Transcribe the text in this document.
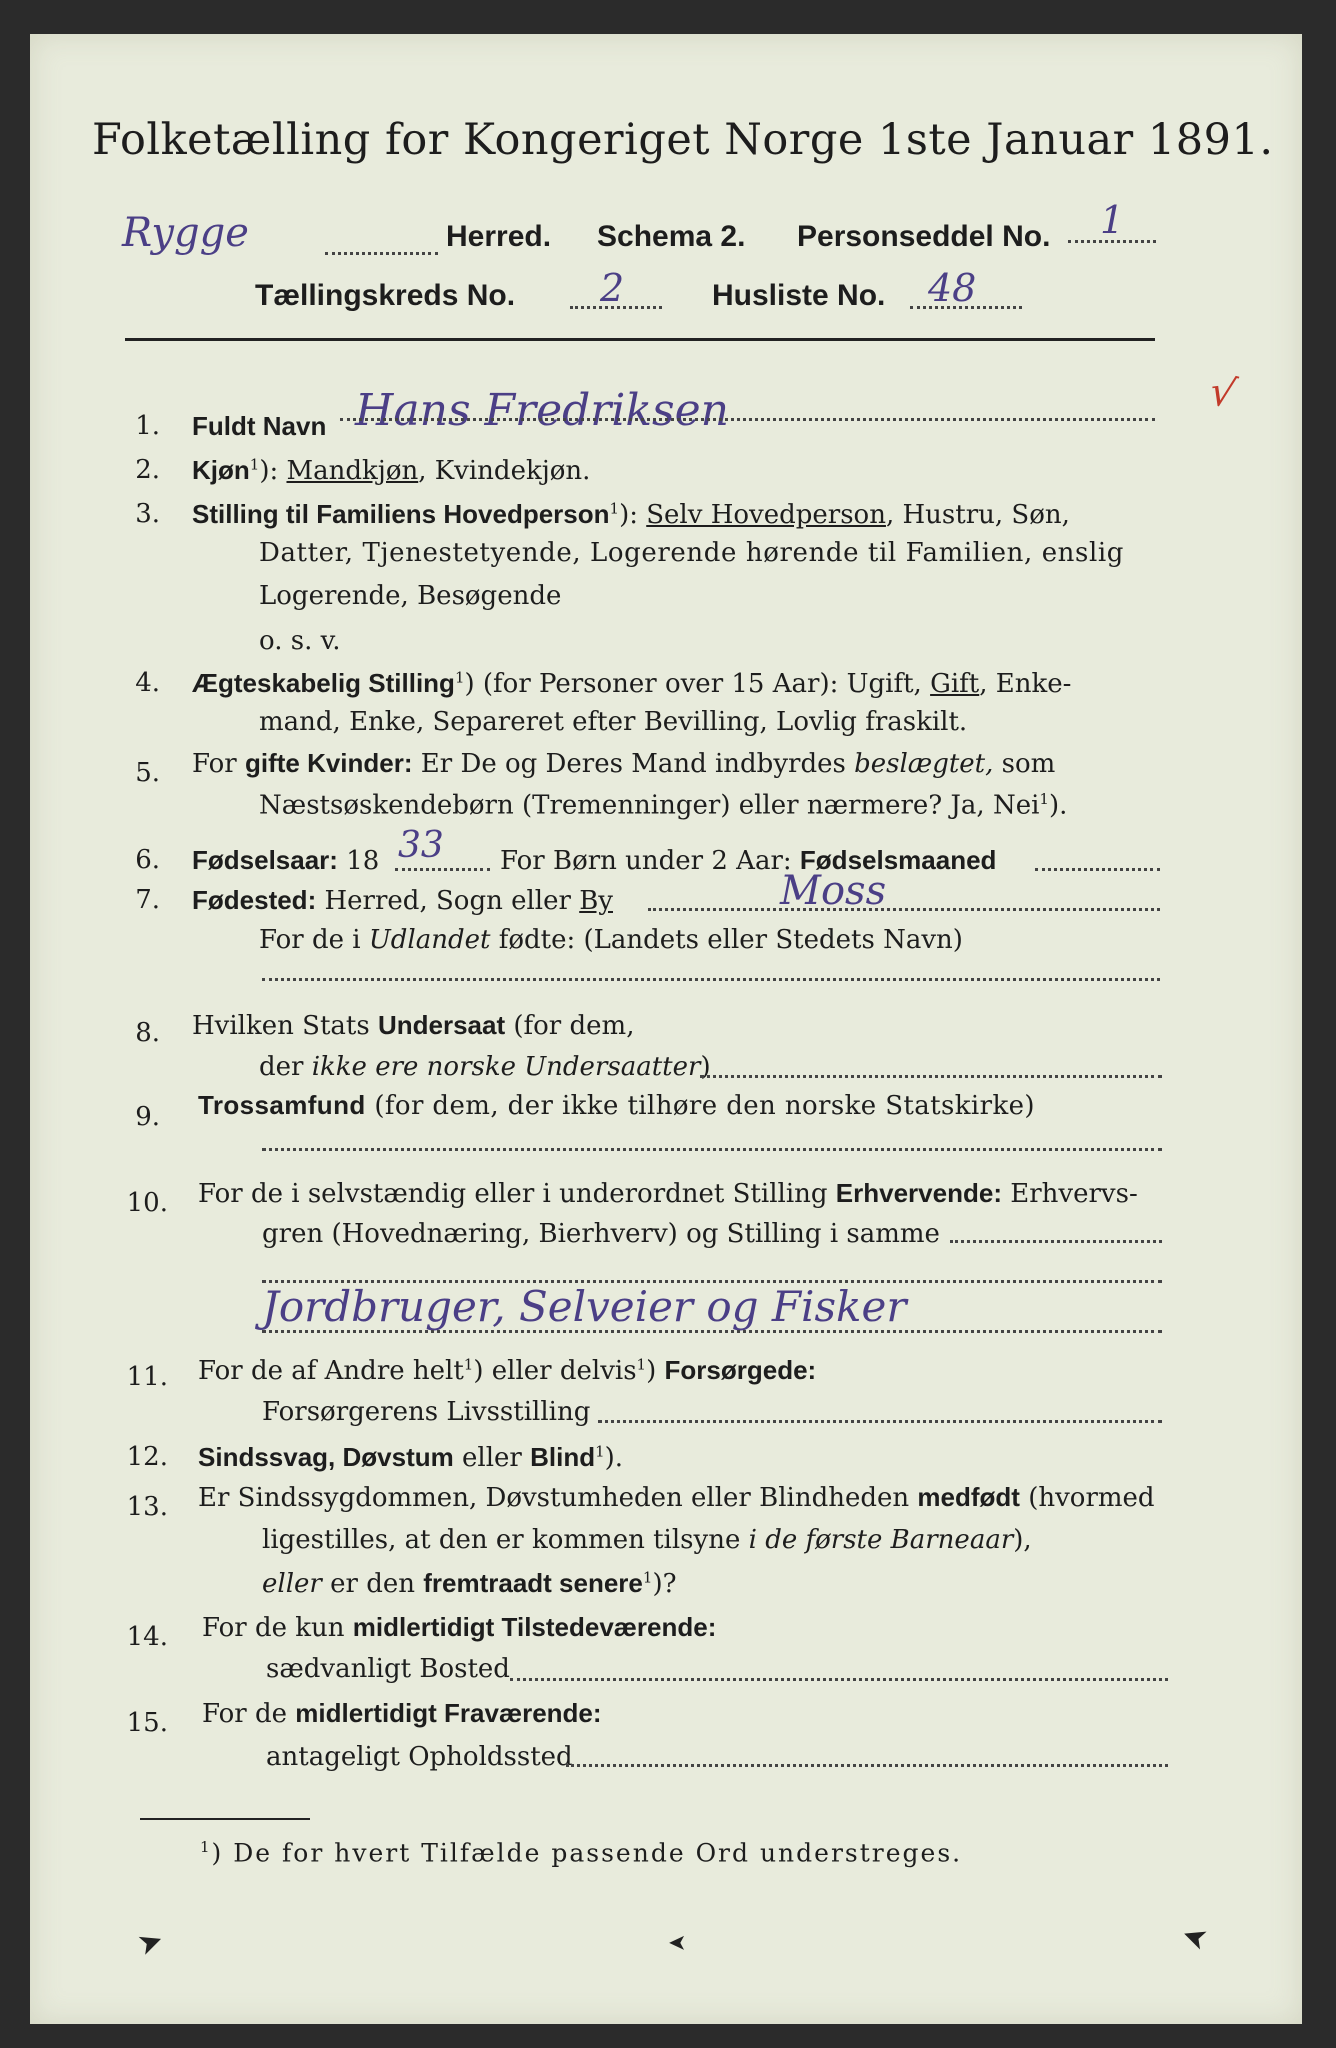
Folketælling for Kongeriget Norge 1ste Januar 1891.
Rygge	Herred. Schema 2. Personseddel No. 1
Tællingskreds No. 2	Husliste No. 48
√
1. Fuldt Navn Hans Fredriksen
2. Kjøn$^1$): Mandkjøn, Kvindekjøn.
3. Stilling til Familiens Hovedperson$^1$): Selv Hovedperson, Hustru, Søn,
Datter, Tjenestetyende, Logerende hørende til Familien, enslig
Logerende, Besøgende
o. s. v.
4. Ægteskabelig Stilling$^1$) (for Personer over 15 Aar): Ugift, Gift, Enke-
mand, Enke, Separeret efter Bevilling, Lovlig fraskilt.
5. For gifte Kvinder: Er De og Deres Mand indbyrdes beslægtet, som
Næstsøskendebørn (Tremenninger) eller nærmere? Ja, Nei$^1$).
6. Fødselsaar: 18 33 For Børn under 2 Aar: Fødselsmaaned
7. Fødested: Herred, Sogn eller By	Moss
For de i Udlandet fødte: (Landets eller Stedets Navn)
8. Hvilken Stats Undersaat (for dem,
der ikke ere norske Undersaatter)
9. Trossamfund (for dem, der ikke tilhøre den norske Statskirke)
10. For de i selvstændig eller i underordnet Stilling Erhvervende: Erhvervs-
gren (Hovednæring, Bierhverv) og Stilling i samme
Jordbruger, Selveier og Fisker
11. For de af Andre helt$^1$) eller delvis$^1$) Forsørgede:
Forsørgerens Livsstilling
12. Sindssvag, Døvstum eller Blind$^1$).
13. Er Sindssygdommen, Døvstumheden eller Blindheden medfødt (hvormed
ligestilles, at den er kommen tilsyne i de første Barneaar),
eller er den fremtraadt senere$^1$)?
14. For de kun midlertidigt Tilstedeværende:
sædvanligt Bosted
15. For de midlertidigt Fraværende:
antageligt Opholdssted
$^1$) De for hvert Tilfælde passende Ord understreges.
➤	➤	➤
